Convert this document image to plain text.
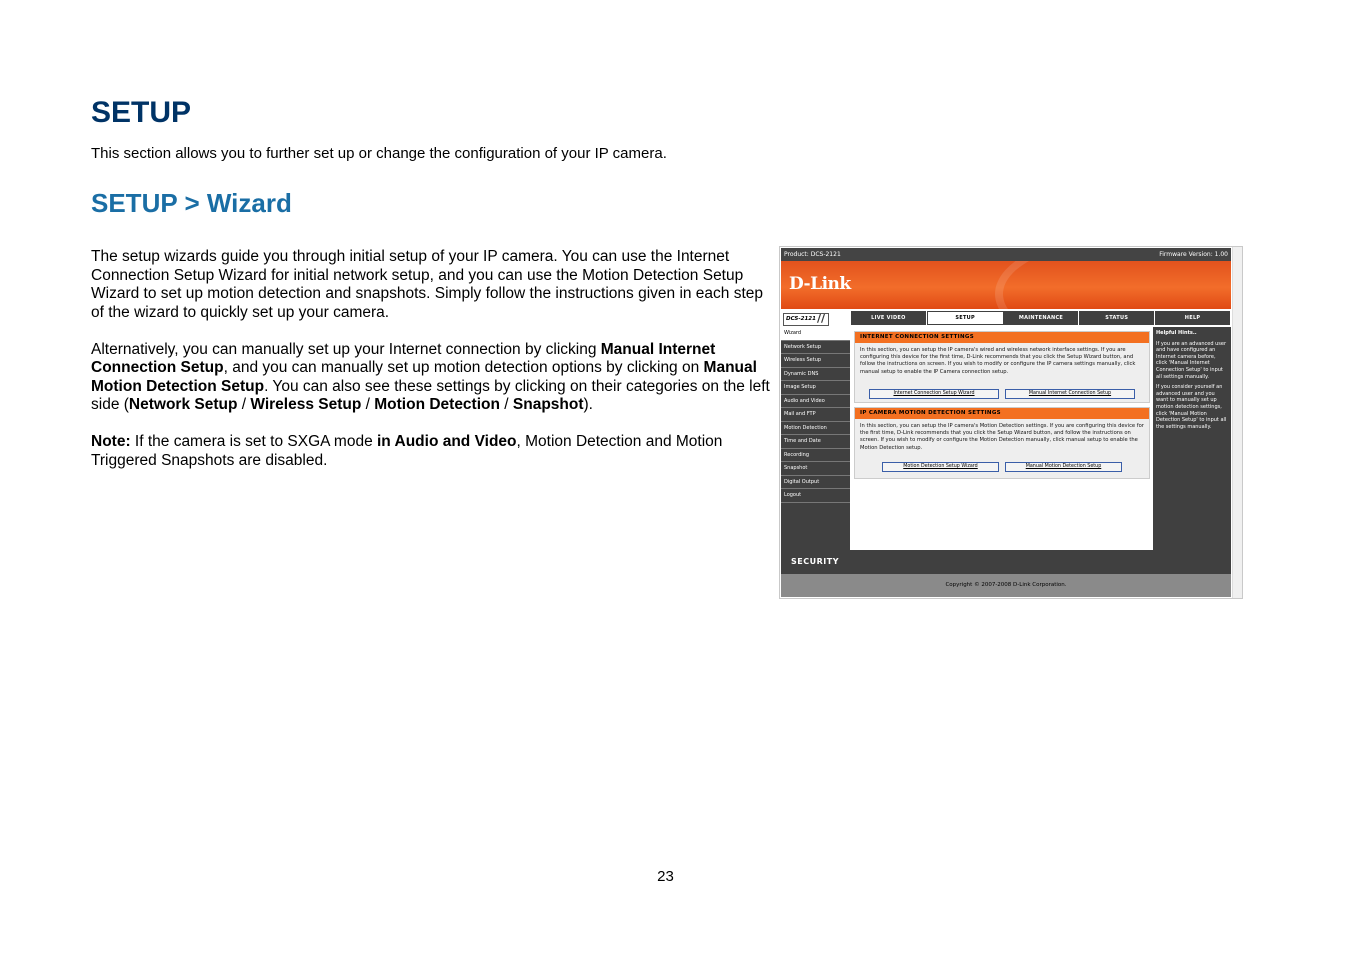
SETUP
This section allows you to further set up or change the configuration of your IP camera.
SETUP > Wizard

The setup wizards guide you through initial setup of your IP camera. You can use the Internet Connection Setup Wizard for initial network setup, and you can use the Motion Detection Setup Wizard to set up motion detection and snapshots. Simply follow the instructions given in each step of the wizard to quickly set up your camera.

Alternatively, you can manually set up your Internet connection by clicking Manual Internet Connection Setup, and you can manually set up motion detection options by clicking on Manual Motion Detection Setup. You can also see these settings by clicking on their categories on the left side (Network Setup / Wireless Setup / Motion Detection / Snapshot).

Note: If the camera is set to SXGA mode in Audio and Video, Motion Detection and Motion Triggered Snapshots are disabled.

Product: DCS-2121	Firmware Version: 1.00
D-Link
DCS-2121 //	LIVE VIDEO	SETUP	MAINTENANCE	STATUS	HELP
Wizard
Network Setup
Wireless Setup
Dynamic DNS
Image Setup
Audio and Video
Mail and FTP
Motion Detection
Time and Date
Recording
Snapshot
Digital Output
Logout
INTERNET CONNECTION SETTINGS
In this section, you can setup the IP camera's wired and wireless network interface settings. If you are configuring this device for the first time, D-Link recommends that you click the Setup Wizard button, and follow the instructions on screen. If you wish to modify or configure the IP camera settings manually, click manual setup to enable the IP Camera connection setup.
Internet Connection Setup Wizard	Manual Internet Connection Setup
IP CAMERA MOTION DETECTION SETTINGS
In this section, you can setup the IP camera's Motion Detection settings. If you are configuring this device for the first time, D-Link recommends that you click the Setup Wizard button, and follow the instructions on screen. If you wish to modify or configure the Motion Detection manually, click manual setup to enable the Motion Detection setup.
Motion Detection Setup Wizard	Manual Motion Detection Setup
Helpful Hints..

If you are an advanced user and have configured an Internet camera before, click 'Manual Internet Connection Setup' to input all settings manually.

If you consider yourself an advanced user and you want to manually set up motion detection settings, click 'Manual Motion Detection Setup' to input all the settings manually.

SECURITY
Copyright © 2007-2008 D-Link Corporation.
23
